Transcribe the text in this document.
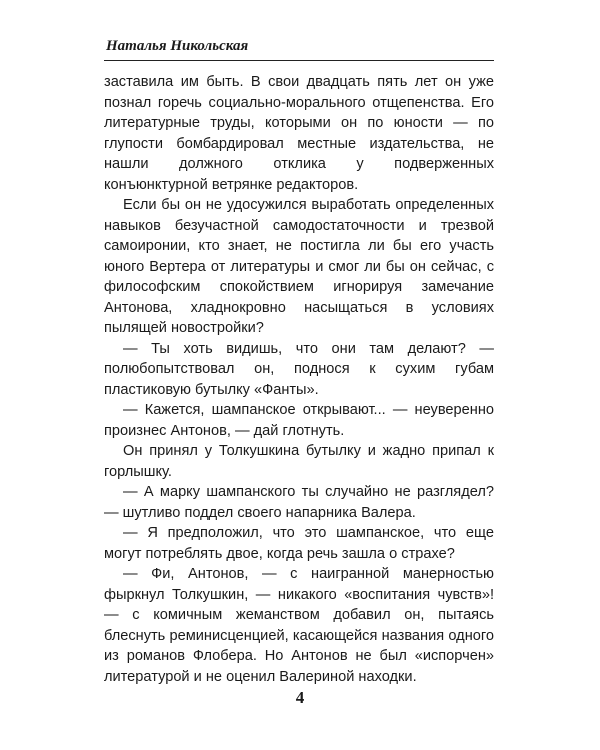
Наталья Никольская

заставила им быть. В свои двадцать пять лет он уже познал горечь социально-морального отщепенства. Его литературные труды, которыми он по юности — по глупости бомбардировал местные издательства, не нашли должного отклика у подверженных конъюнктурной ветрянке редакторов.

Если бы он не удосужился выработать определенных навыков безучастной самодостаточности и трезвой самоиронии, кто знает, не постигла ли бы его участь юного Вертера от литературы и смог ли бы он сейчас, с философским спокойствием игнорируя замечание Антонова, хладнокровно насыщаться в условиях пылящей новостройки?

— Ты хоть видишь, что они там делают? — полюбопытствовал он, поднося к сухим губам пластиковую бутылку «Фанты».

— Кажется, шампанское открывают... — неуверенно произнес Антонов, — дай глотнуть.

Он принял у Толкушкина бутылку и жадно припал к горлышку.

— А марку шампанского ты случайно не разглядел? — шутливо поддел своего напарника Валера.

— Я предположил, что это шампанское, что еще могут потреблять двое, когда речь зашла о страхе?

— Фи, Антонов, — с наигранной манерностью фыркнул Толкушкин, — никакого «воспитания чувств»! — с комичным жеманством добавил он, пытаясь блеснуть реминисценцией, касающейся названия одного из романов Флобера. Но Антонов не был «испорчен» литературой и не оценил Валериной находки.

4
